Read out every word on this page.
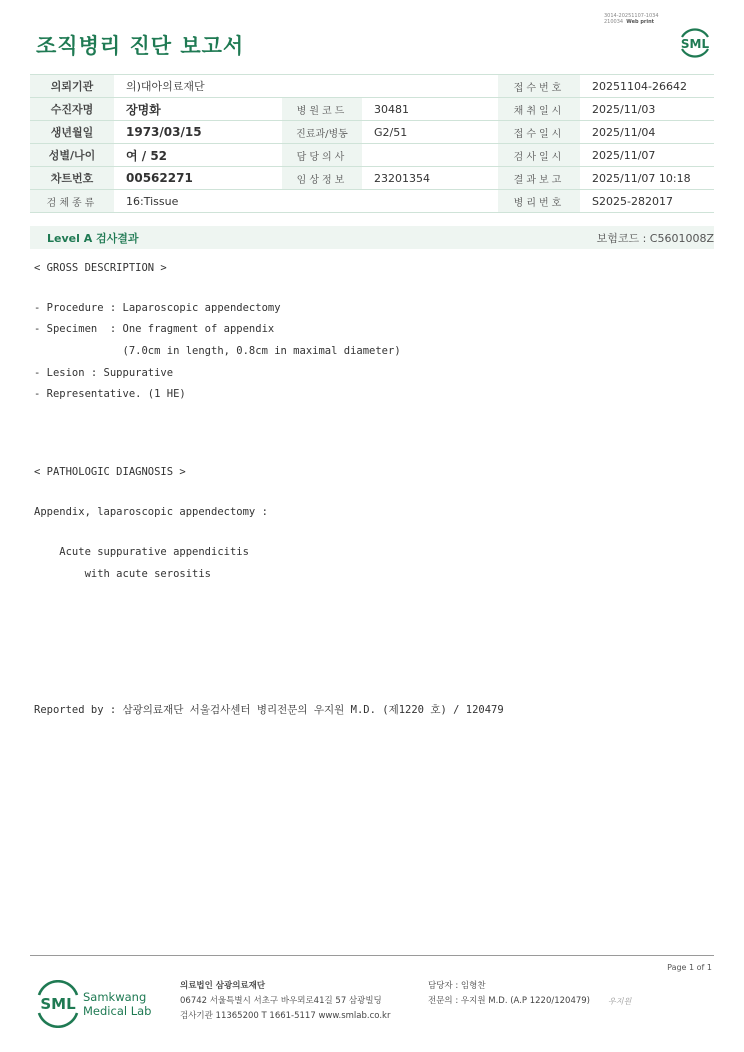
조직병리 진단 보고서
3014-20251107-1034
210034 Web print
SML
의뢰기관	의)대아의료재단			접수번호	20251104-26642
수진자명	장명화	병원코드	30481	채취일시	2025/11/03
생년월일	1973/03/15	진료과/병동	G2/51	접수일시	2025/11/04
성별/나이	여 / 52	담당의사		검사일시	2025/11/07
차트번호	00562271	임상정보	23201354	결과보고	2025/11/07 10:18
검체종류	16:Tissue			병리번호	S2025-282017
Level A 검사결과	보험코드 : C5601008Z
< GROSS DESCRIPTION >
- Procedure : Laparoscopic appendectomy
- Specimen  : One fragment of appendix
(7.0cm in length, 0.8cm in maximal diameter)
- Lesion : Suppurative
- Representative. (1 HE)
< PATHOLOGIC DIAGNOSIS >
Appendix, laparoscopic appendectomy :
Acute suppurative appendicitis
with acute serositis
Reported by : 삼광의료재단 서울검사센터 병리전문의 우지원 M.D. (제1220 호) / 120479
Page 1 of 1
SML Samkwang
Medical Lab
의료법인 삼광의료재단
06742 서울특별시 서초구 바우뫼로41길 57 삼광빌딩
검사기관 11365200 T 1661-5117 www.smlab.co.kr
담당자 : 임형찬
전문의 : 우지원 M.D. (A.P 1220/120479) 우지원
